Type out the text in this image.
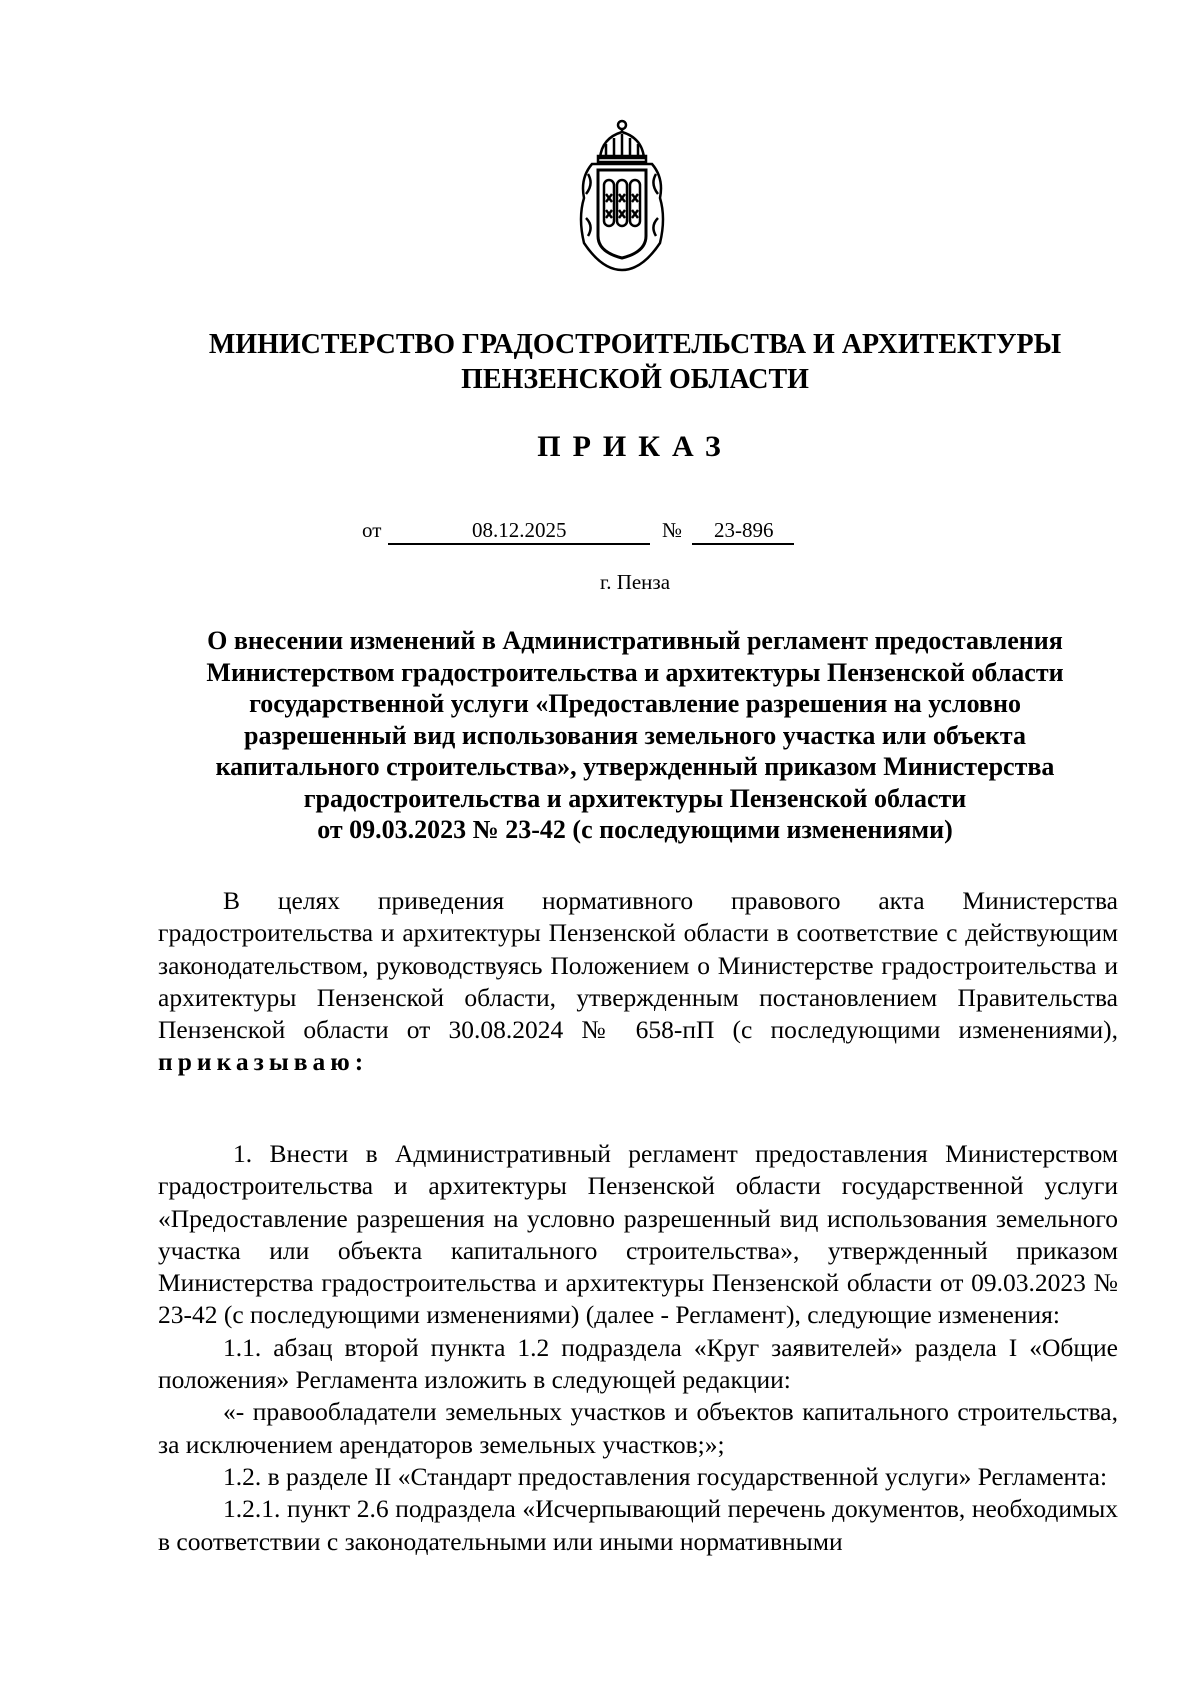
МИНИСТЕРСТВО ГРАДОСТРОИТЕЛЬСТВА И АРХИТЕКТУРЫ
ПЕНЗЕНСКОЙ ОБЛАСТИ
ПРИКАЗ
от	08.12.2025	№ 23-896
г. Пенза
О внесении изменений в Административный регламент предоставления
Министерством градостроительства и архитектуры Пензенской области
государственной услуги «Предоставление разрешения на условно
разрешенный вид использования земельного участка или объекта
капитального строительства», утвержденный приказом Министерства
градостроительства и архитектуры Пензенской области
от 09.03.2023 № 23-42 (с последующими изменениями)

В целях приведения нормативного правового акта Министерства градостроительства и архитектуры Пензенской области в соответствие с действующим законодательством, руководствуясь Положением о Министерстве градостроительства и архитектуры Пензенской области, утвержденным постановлением Правительства Пензенской области от 30.08.2024 № 658-пП (с последующими изменениями), приказываю:

1. Внести в Административный регламент предоставления Министерством градостроительства и архитектуры Пензенской области государственной услуги «Предоставление разрешения на условно разрешенный вид использования земельного участка или объекта капитального строительства», утвержденный приказом Министерства градостроительства и архитектуры Пензенской области от 09.03.2023 № 23-42 (с последующими изменениями) (далее - Регламент), следующие изменения:

1.1. абзац второй пункта 1.2 подраздела «Круг заявителей» раздела I «Общие положения» Регламента изложить в следующей редакции:

«- правообладатели земельных участков и объектов капитального строительства, за исключением арендаторов земельных участков;»;

1.2. в разделе II «Стандарт предоставления государственной услуги» Регламента:

1.2.1. пункт 2.6 подраздела «Исчерпывающий перечень документов, необходимых в соответствии с законодательными или иными нормативными
